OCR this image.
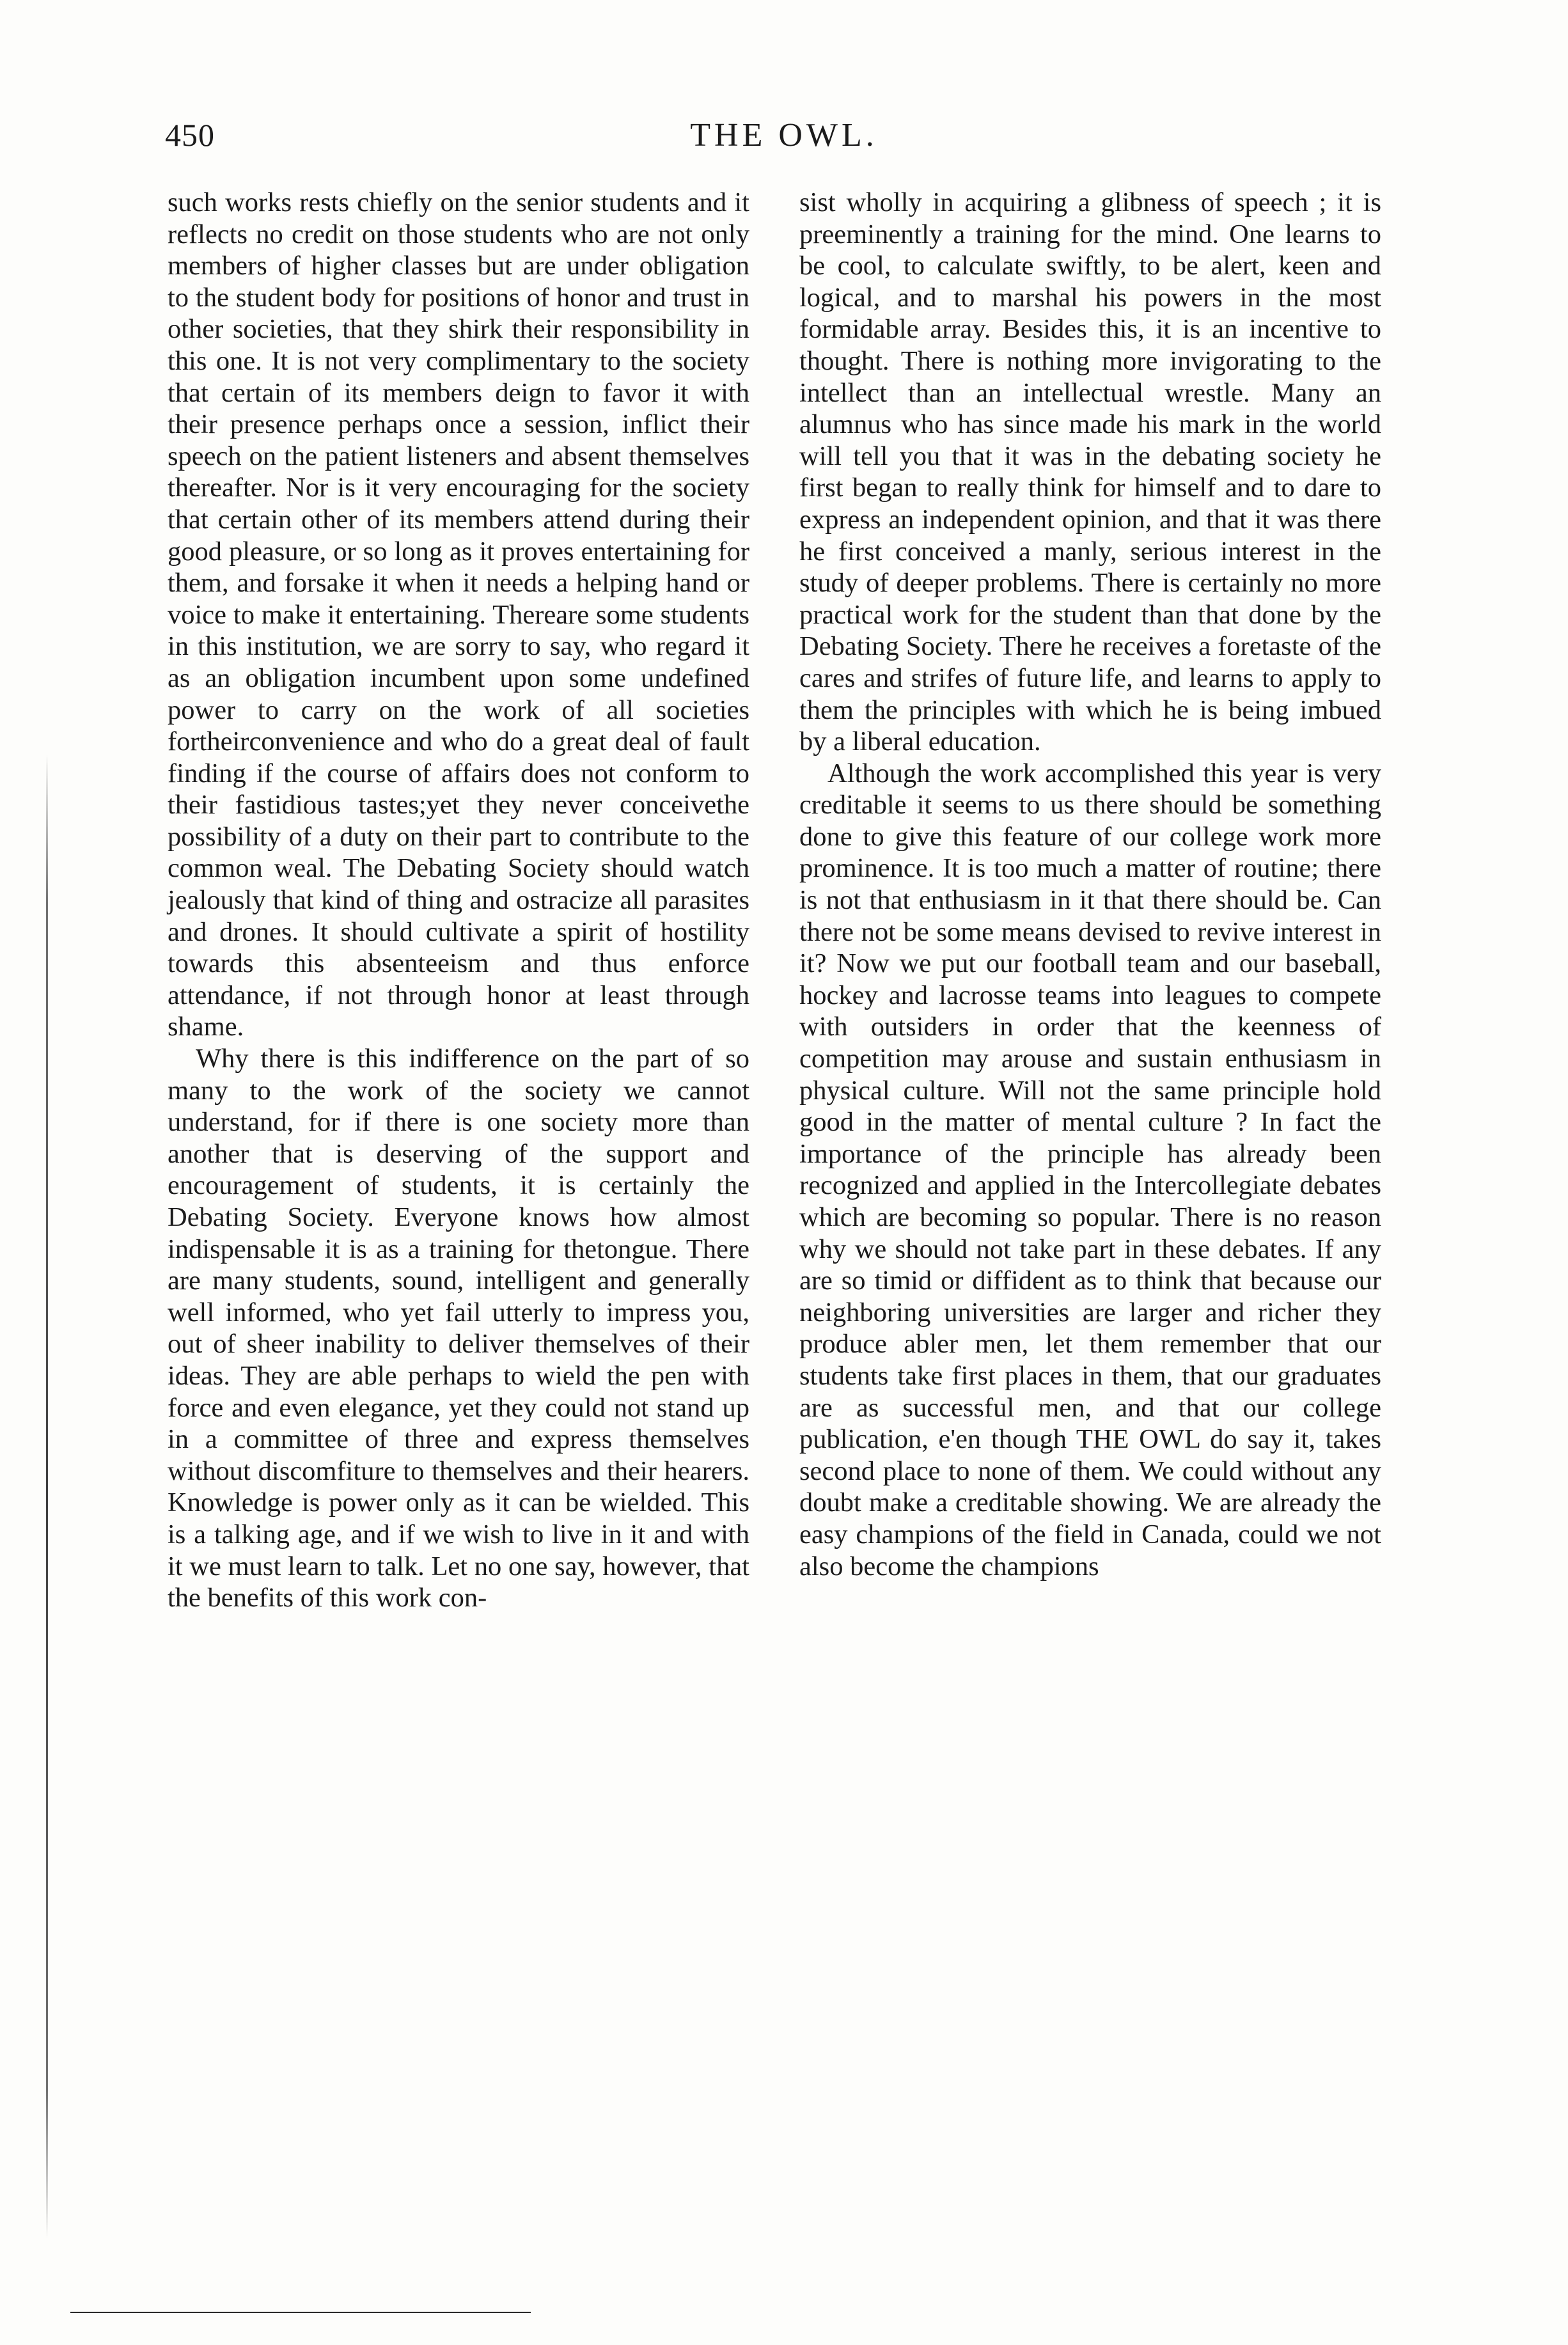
450	THE OWL.

such works rests chiefly on the senior students and it reflects no credit on those students who are not only members of higher classes but are under obligation to the student body for positions of honor and trust in other societies, that they shirk their responsibility in this one. It is not very complimentary to the society that certain of its members deign to favor it with their presence perhaps once a session, inflict their speech on the patient listeners and absent themselves thereafter. Nor is it very encouraging for the society that certain other of its members attend during their good pleasure, or so long as it proves entertaining for them, and forsake it when it needs a helping hand or voice to make it entertaining. Thereare some students in this institution, we are sorry to say, who regard it as an obligation incumbent upon some undefined power to carry on the work of all societies fortheirconvenience and who do a great deal of fault finding if the course of affairs does not conform to their fastidious tastes;yet they never conceivethe possibility of a duty on their part to contribute to the common weal. The Debating Society should watch jealously that kind of thing and ostracize all parasites and drones. It should cultivate a spirit of hostility towards this absenteeism and thus enforce attendance, if not through honor at least through shame.

Why there is this indifference on the part of so many to the work of the society we cannot understand, for if there is one society more than another that is deserving of the support and encouragement of students, it is certainly the Debating Society. Everyone knows how almost indispensable it is as a training for thetongue. There are many students, sound, intelligent and generally well informed, who yet fail utterly to impress you, out of sheer inability to deliver themselves of their ideas. They are able perhaps to wield the pen with force and even elegance, yet they could not stand up in a committee of three and express themselves without discomfiture to themselves and their hearers. Knowledge is power only as it can be wielded. This is a talking age, and if we wish to live in it and with it we must learn to talk. Let no one say, however, that the benefits of this work con-

sist wholly in acquiring a glibness of speech ; it is preeminently a training for the mind. One learns to be cool, to calculate swiftly, to be alert, keen and logical, and to marshal his powers in the most formidable array. Besides this, it is an incentive to thought. There is nothing more invigorating to the intellect than an intellectual wrestle. Many an alumnus who has since made his mark in the world will tell you that it was in the debating society he first began to really think for himself and to dare to express an independent opinion, and that it was there he first conceived a manly, serious interest in the study of deeper problems. There is certainly no more practical work for the student than that done by the Debating Society. There he receives a foretaste of the cares and strifes of future life, and learns to apply to them the principles with which he is being imbued by a liberal education.

Although the work accomplished this year is very creditable it seems to us there should be something done to give this feature of our college work more prominence. It is too much a matter of routine; there is not that enthusiasm in it that there should be. Can there not be some means devised to revive interest in it? Now we put our football team and our baseball, hockey and lacrosse teams into leagues to compete with outsiders in order that the keenness of competition may arouse and sustain enthusiasm in physical culture. Will not the same principle hold good in the matter of mental culture ? In fact the importance of the principle has already been recognized and applied in the Intercollegiate debates which are becoming so popular. There is no reason why we should not take part in these debates. If any are so timid or diffident as to think that because our neighboring universities are larger and richer they produce abler men, let them remember that our students take first places in them, that our graduates are as successful men, and that our college publication, e'en though THE OWL do say it, takes second place to none of them. We could without any doubt make a creditable showing. We are already the easy champions of the field in Canada, could we not also become the champions
